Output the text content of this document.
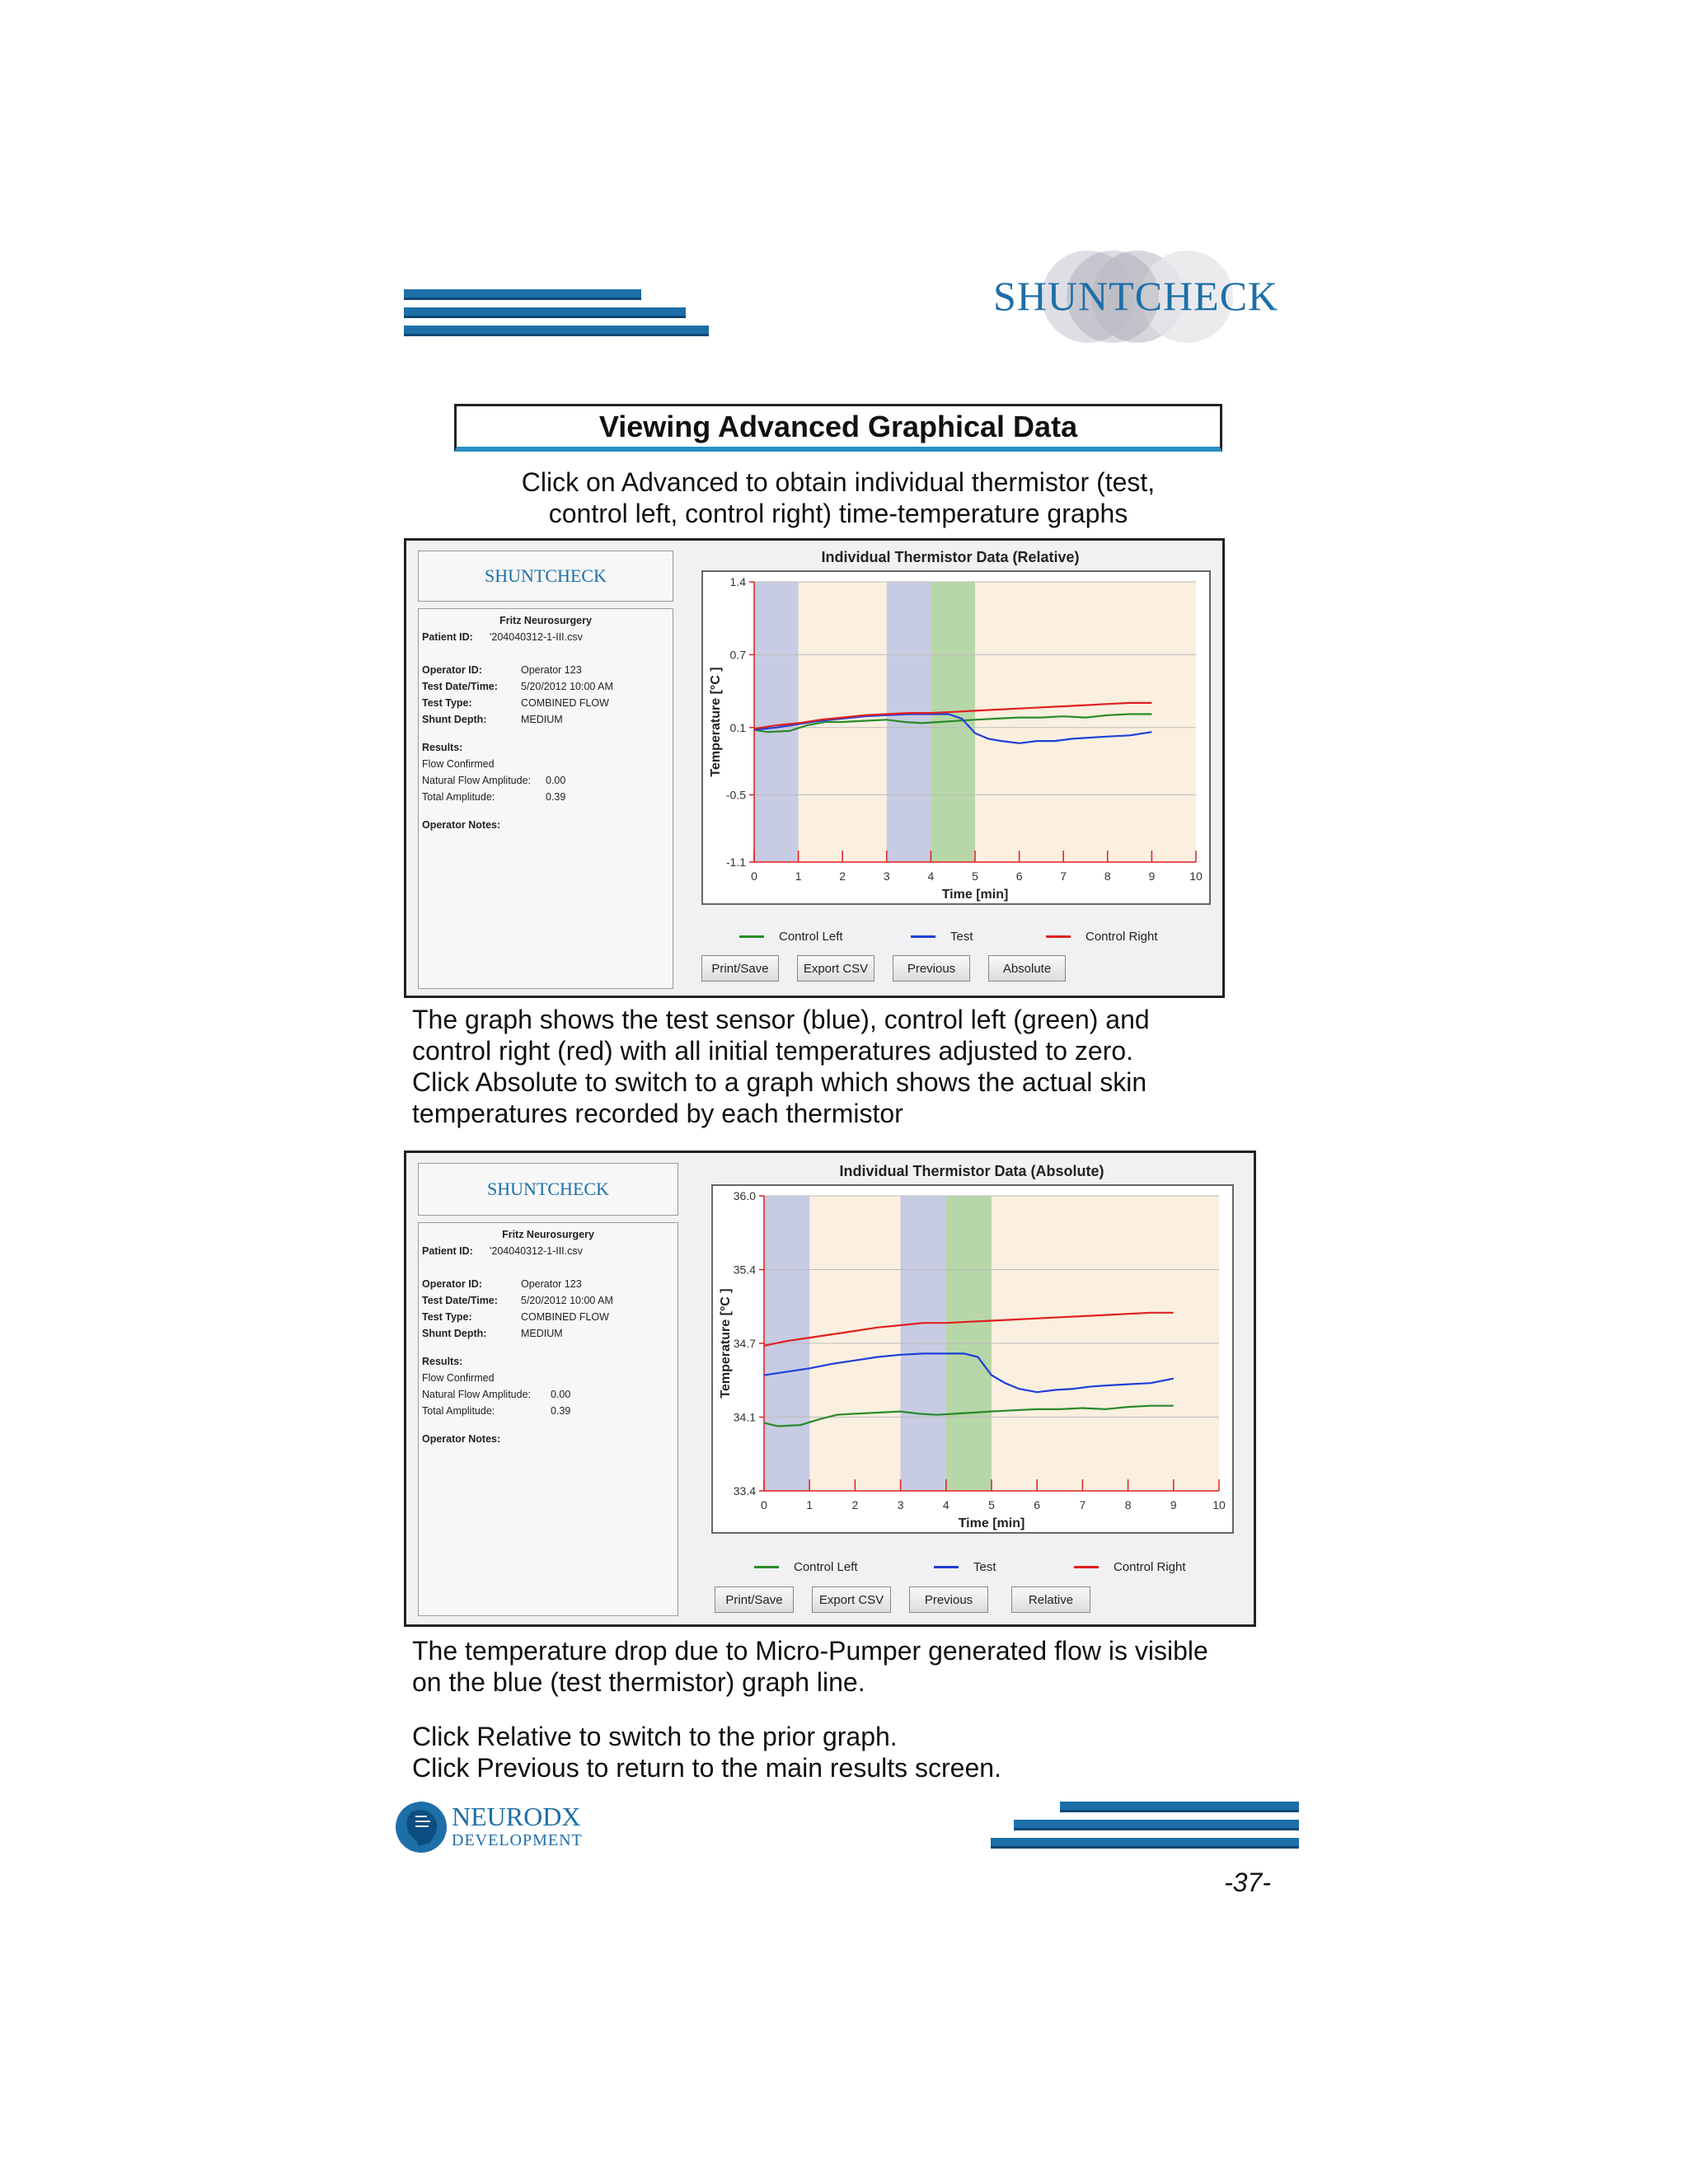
SHUNTCHECK
Viewing Advanced Graphical Data
Click on Advanced to obtain individual thermistor (test,
control left, control right) time-temperature graphs
SHUNTCHECK
Fritz Neurosurgery
Patient ID:	'204040312-1-III.csv
Operator ID:	Operator 123
Test Date/Time:	5/20/2012 10:00 AM
Test Type:	COMBINED FLOW
Shunt Depth:	MEDIUM
Results:
Flow Confirmed
Natural Flow Amplitude:	0.00
Total Amplitude:	0.39
Operator Notes:
Individual Thermistor Data (Relative)
1.4
0.7
0.1
-0.5
-1.1
0	1	2	3	4	5	6	7	8	9	10
Time [min]
Temperature [°C ]
Control Left	Test	Control Right
Print/Save	Export CSV	Previous	Absolute
The graph shows the test sensor (blue), control left (green) and
control right (red) with all initial temperatures adjusted to zero.
Click Absolute to switch to a graph which shows the actual skin
temperatures recorded by each thermistor
SHUNTCHECK
Fritz Neurosurgery
Patient ID:	'204040312-1-III.csv
Operator ID:	Operator 123
Test Date/Time:	5/20/2012 10:00 AM
Test Type:	COMBINED FLOW
Shunt Depth:	MEDIUM
Results:
Flow Confirmed
Natural Flow Amplitude:	0.00
Total Amplitude:	0.39
Operator Notes:
Individual Thermistor Data (Absolute)
36.0
35.4
34.7
34.1
33.4
0	1	2	3	4	5	6	7	8	9	10
Time [min]
Temperature [°C ]
Control Left	Test	Control Right
Print/Save	Export CSV	Previous	Relative
The temperature drop due to Micro-Pumper generated flow is visible
on the blue (test thermistor) graph line.
Click Relative to switch to the prior graph.
Click Previous to return to the main results screen.
NEURODX
DEVELOPMENT
-37-
